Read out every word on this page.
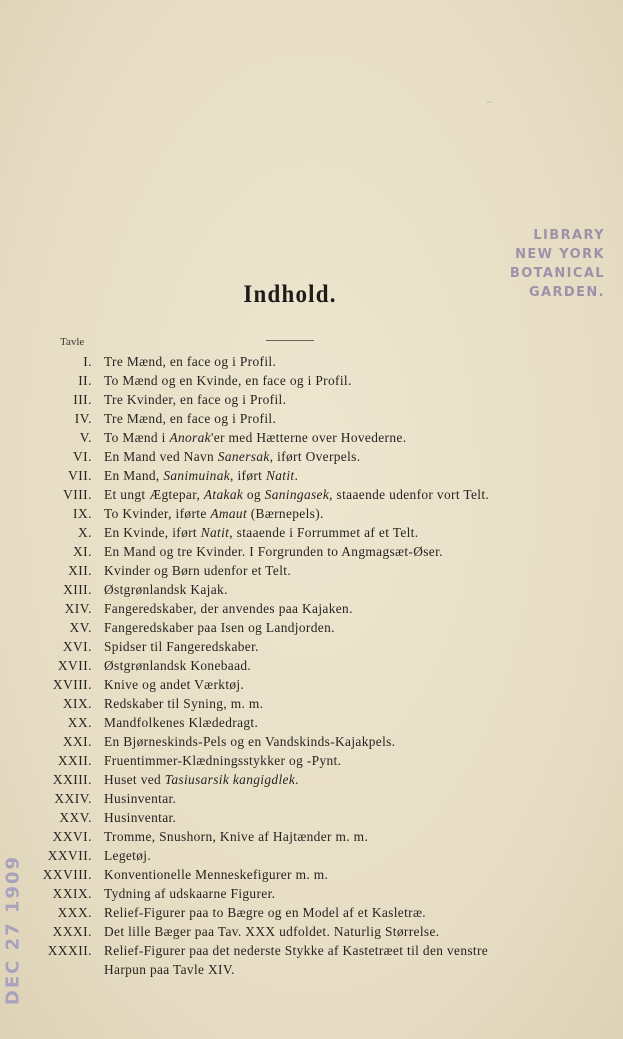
~
LIBRARY
NEW YORK
BOTANICAL
GARDEN.
Indhold.
Tavle
I. Tre Mænd, en face og i Profil.
II. To Mænd og en Kvinde, en face og i Profil.
III. Tre Kvinder, en face og i Profil.
IV. Tre Mænd, en face og i Profil.
V. To Mænd i Anorak'er med Hætterne over Hovederne.
VI. En Mand ved Navn Sanersak, iført Overpels.
VII. En Mand, Sanimuinak, iført Natit.
VIII. Et ungt Ægtepar, Atakak og Saningasek, staaende udenfor vort Telt.
IX. To Kvinder, iførte Amaut (Bærnepels).
X. En Kvinde, iført Natit, staaende i Forrummet af et Telt.
XI. En Mand og tre Kvinder. I Forgrunden to Angmagsæt-Øser.
XII. Kvinder og Børn udenfor et Telt.
XIII. Østgrønlandsk Kajak.
XIV. Fangeredskaber, der anvendes paa Kajaken.
XV. Fangeredskaber paa Isen og Landjorden.
XVI. Spidser til Fangeredskaber.
XVII. Østgrønlandsk Konebaad.
XVIII. Knive og andet Værktøj.
XIX. Redskaber til Syning, m. m.
XX. Mandfolkenes Klædedragt.
XXI. En Bjørneskinds-Pels og en Vandskinds-Kajakpels.
XXII. Fruentimmer-Klædningsstykker og -Pynt.
XXIII. Huset ved Tasiusarsik kangigdlek.
XXIV. Husinventar.
XXV. Husinventar.
XXVI. Tromme, Snushorn, Knive af Hajtænder m. m.
XXVII. Legetøj.
XXVIII. Konventionelle Menneskefigurer m. m.
XXIX. Tydning af udskaarne Figurer.
XXX. Relief-Figurer paa to Bægre og en Model af et Kasletræ.
XXXI. Det lille Bæger paa Tav. XXX udfoldet. Naturlig Størrelse.
XXXII. Relief-Figurer paa det nederste Stykke af Kastetræet til den venstre
Harpun paa Tavle XIV.
DEC 27 1909
